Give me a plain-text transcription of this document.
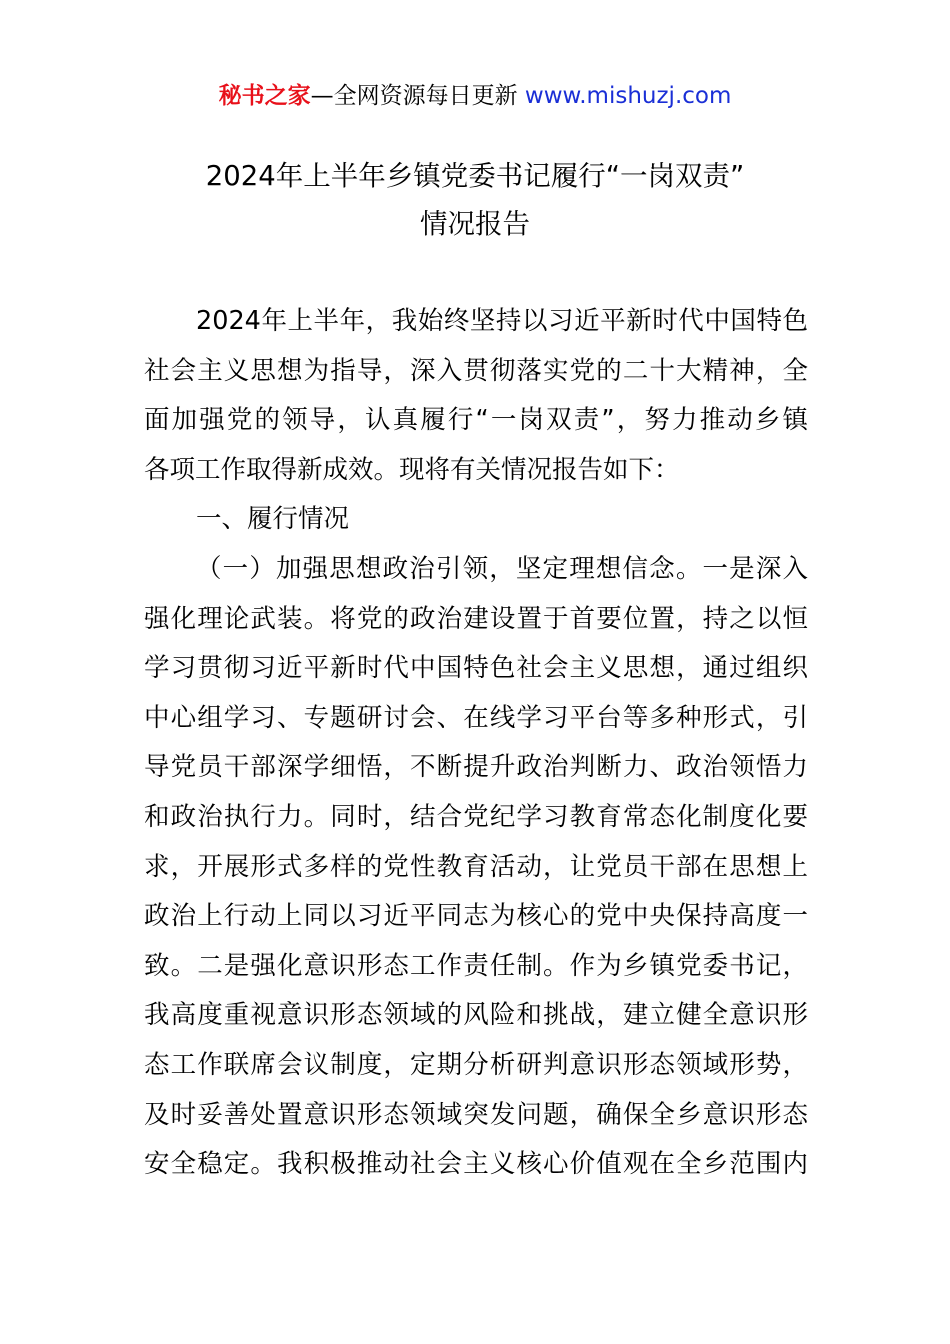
秘书之家—全网资源每日更新 www.mishuzj.com
2024年上半年乡镇党委书记履行“一岗双责”
情况报告
2024年上半年，我始终坚持以习近平新时代中国特色
社会主义思想为指导，深入贯彻落实党的二十大精神，全
面加强党的领导，认真履行“一岗双责”，努力推动乡镇
各项工作取得新成效。现将有关情况报告如下：
一、履行情况
（一）加强思想政治引领，坚定理想信念。一是深入
强化理论武装。将党的政治建设置于首要位置，持之以恒
学习贯彻习近平新时代中国特色社会主义思想，通过组织
中心组学习、专题研讨会、在线学习平台等多种形式，引
导党员干部深学细悟，不断提升政治判断力、政治领悟力
和政治执行力。同时，结合党纪学习教育常态化制度化要
求，开展形式多样的党性教育活动，让党员干部在思想上
政治上行动上同以习近平同志为核心的党中央保持高度一
致。二是强化意识形态工作责任制。作为乡镇党委书记，
我高度重视意识形态领域的风险和挑战，建立健全意识形
态工作联席会议制度，定期分析研判意识形态领域形势，
及时妥善处置意识形态领域突发问题，确保全乡意识形态
安全稳定。我积极推动社会主义核心价值观在全乡范围内
